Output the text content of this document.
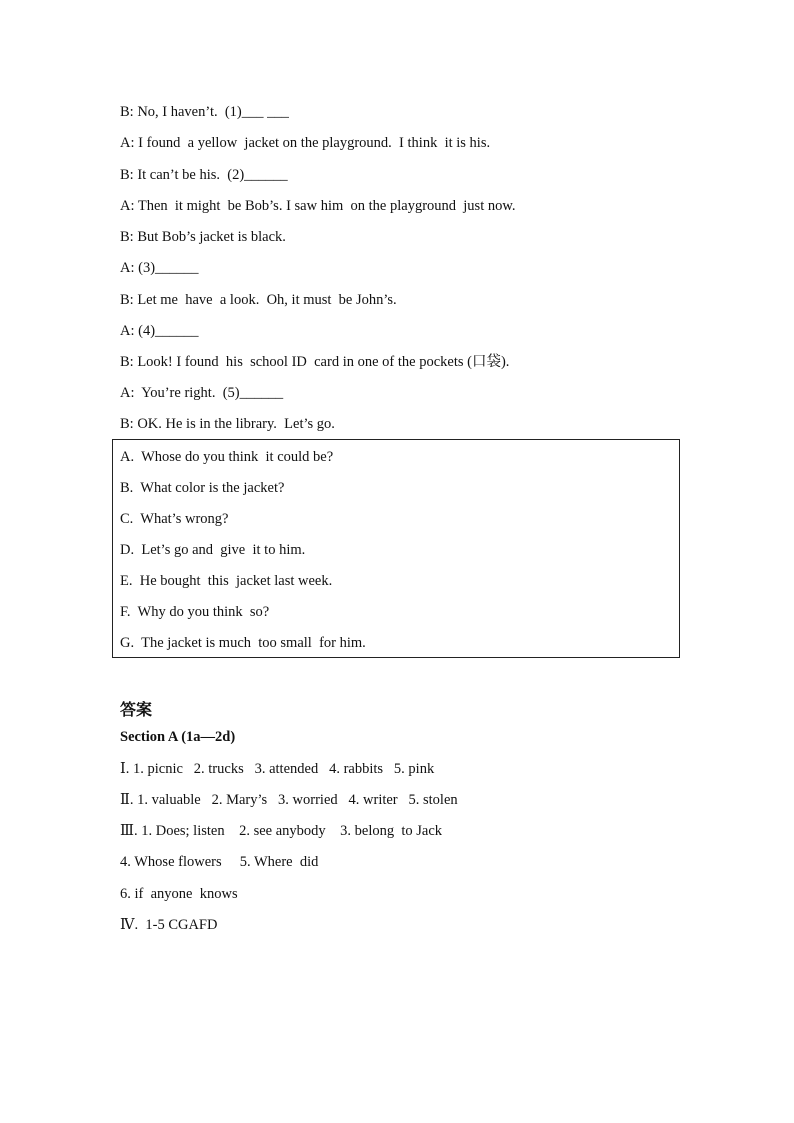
B: No, I haven’t.  (1)___ ___
A: I found  a yellow  jacket on the playground.  I think  it is his.
B: It can’t be his.  (2)______
A: Then  it might  be Bob’s. I saw him  on the playground  just now.
B: But Bob’s jacket is black.
A: (3)______
B: Let me  have  a look.  Oh, it must  be John’s.
A: (4)______
B: Look! I found  his  school ID  card in one of the pockets (口袋).
A:  You’re right.  (5)______
B: OK. He is in the library.  Let’s go.
A.  Whose do you think  it could be?
B.  What color is the jacket?
C.  What’s wrong?
D.  Let’s go and  give  it to him.
E.  He bought  this  jacket last week.
F.  Why do you think  so?
G.  The jacket is much  too small  for him.
答案
Section A (1a—2d)
Ⅰ. 1. picnic   2. trucks   3. attended   4. rabbits   5. pink
Ⅱ. 1. valuable   2. Mary’s   3. worried   4. writer   5. stolen
Ⅲ. 1. Does; listen    2. see anybody    3. belong  to Jack
4. Whose flowers     5. Where  did
6. if  anyone  knows
Ⅳ.  1-5 CGAFD
